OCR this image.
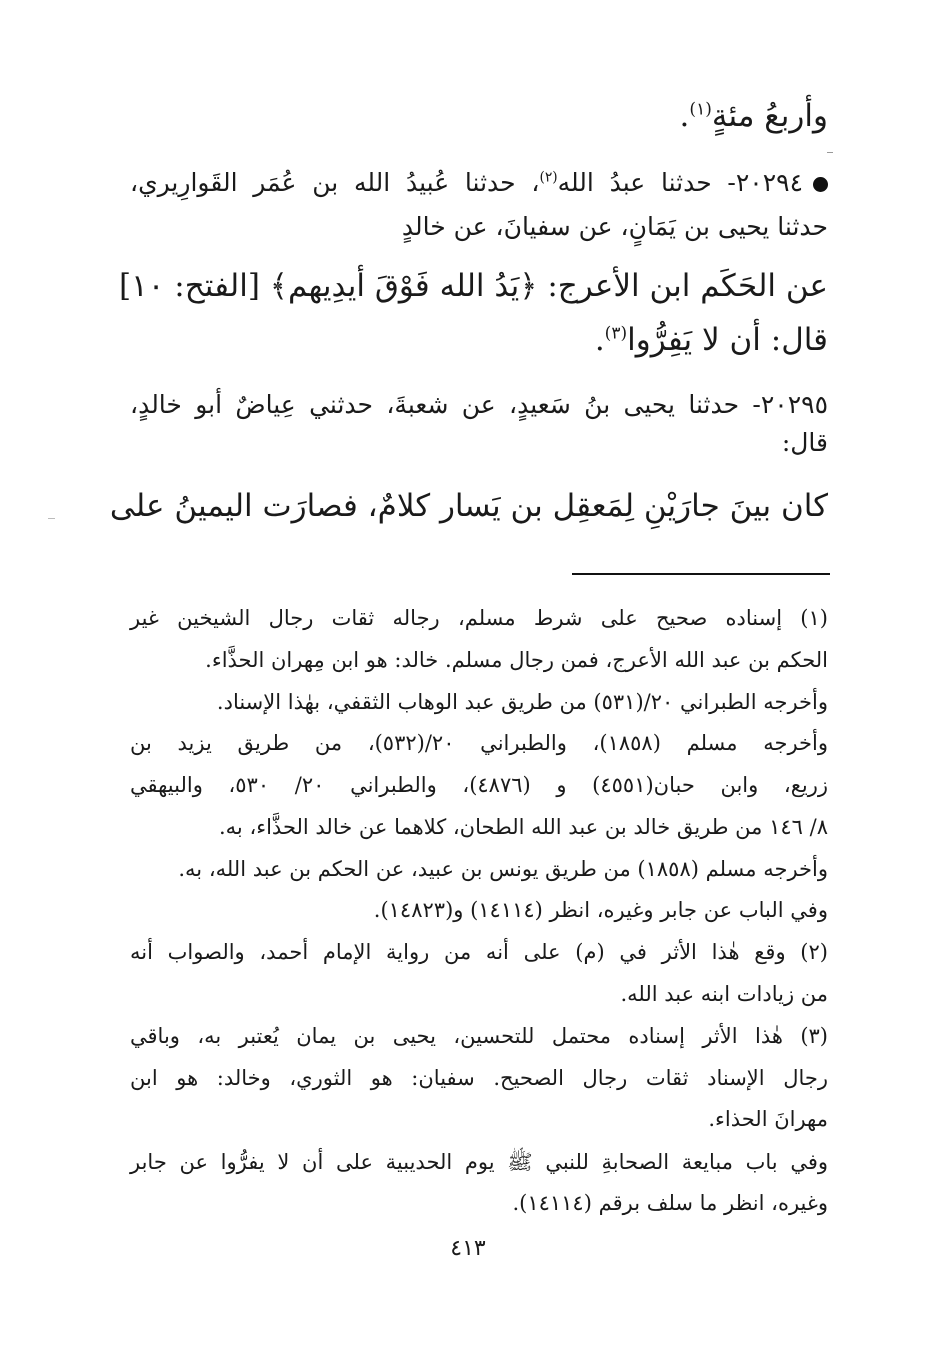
وأربعُ مئةٍ$^{(١)}$.
٢٠٢٩٤- حدثنا عبدُ الله$^{(٢)}$، حدثنا عُبيدُ الله بن عُمَر القَوارِيري،
حدثنا يحيى بن يَمَانٍ، عن سفيانَ، عن خالدٍ
عن الحَكَم ابن الأعرج: ﴿يَدُ الله فَوْقَ أيدِيهم﴾ [الفتح: ١٠]
قال: أن لا يَفِرُّوا$^{(٣)}$.
٢٠٢٩٥- حدثنا يحيى بنُ سَعيدٍ، عن شعبةَ، حدثني عِياضٌ أبو خالدٍ،
قال:
كان بينَ جارَيْنِ لِمَعقِل بن يَسار كلامٌ، فصارَت اليمينُ على
(١) إسناده صحيح على شرط مسلم، رجاله ثقات رجال الشيخين غير
الحكم بن عبد الله الأعرج، فمن رجال مسلم. خالد: هو ابن مِهران الحذَّاء.
وأخرجه الطبراني ٢٠/(٥٣١) من طريق عبد الوهاب الثقفي، بهٰذا الإسناد.
وأخرجه مسلم (١٨٥٨)، والطبراني ٢٠/(٥٣٢)، من طريق يزيد بن
زريع، وابن حبان(٤٥٥١) و (٤٨٧٦)، والطبراني ٢٠/ ٥٣٠، والبيهقي
٨/ ١٤٦ من طريق خالد بن عبد الله الطحان، كلاهما عن خالد الحذَّاء، به.
وأخرجه مسلم (١٨٥٨) من طريق يونس بن عبيد، عن الحكم بن عبد الله، به.
وفي الباب عن جابر وغيره، انظر (١٤١١٤) و(١٤٨٢٣).
(٢) وقع هٰذا الأثر في (م) على أنه من رواية الإمام أحمد، والصواب أنه
من زيادات ابنه عبد الله.
(٣) هٰذا الأثر إسناده محتمل للتحسين، يحيى بن يمان يُعتبر به، وباقي
رجال الإسناد ثقات رجال الصحيح. سفيان: هو الثوري، وخالد: هو ابن
مهرانَ الحذاء.
وفي باب مبايعة الصحابةِ للنبي ﷺ يوم الحديبية على أن لا يفرُّوا عن جابر
وغيره، انظر ما سلف برقم (١٤١١٤).
٤١٣
